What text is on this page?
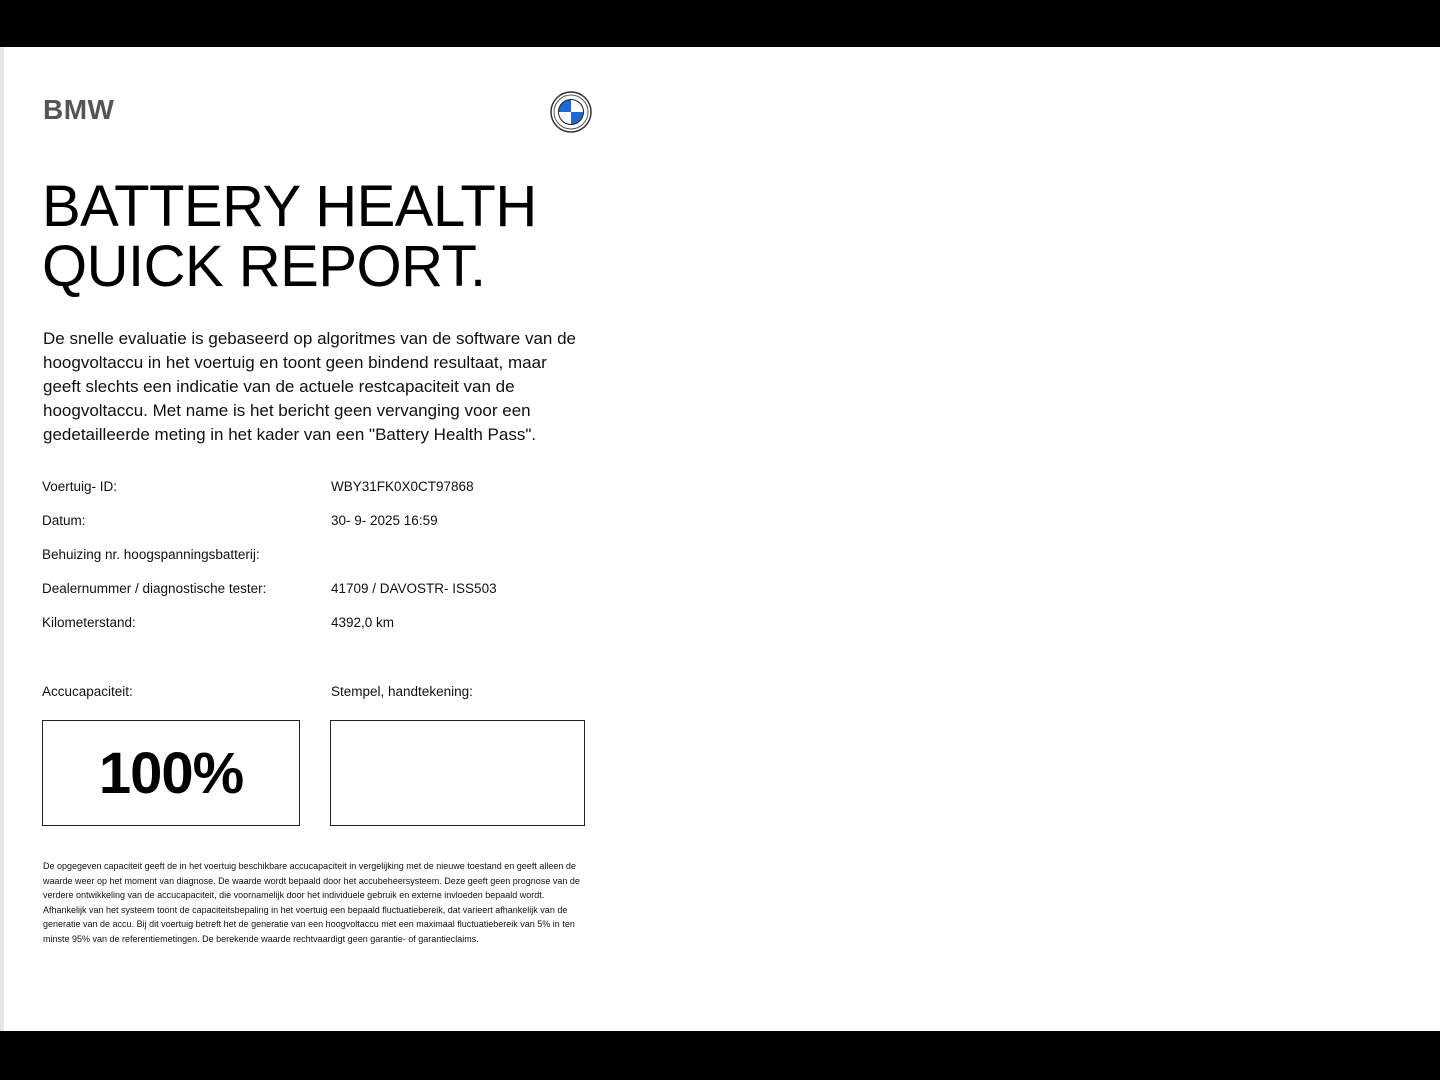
BMW
BATTERY HEALTH
QUICK REPORT.

De snelle evaluatie is gebaseerd op algoritmes van de software van de hoogvoltaccu in het voertuig en toont geen bindend resultaat, maar geeft slechts een indicatie van de actuele restcapaciteit van de hoogvoltaccu. Met name is het bericht geen vervanging voor een gedetailleerde meting in het kader van een "Battery Health Pass".

Voertuig- ID:	WBY31FK0X0CT97868
Datum:	30- 9- 2025 16:59
Behuizing nr. hoogspanningsbatterij:
Dealernummer / diagnostische tester:	41709 / DAVOSTR- ISS503
Kilometerstand:	4392,0 km
Accucapaciteit:	Stempel, handtekening:
100%

De opgegeven capaciteit geeft de in het voertuig beschikbare accucapaciteit in vergelijking met de nieuwe toestand en geeft alleen de waarde weer op het moment van diagnose. De waarde wordt bepaald door het accubeheersysteem. Deze geeft geen prognose van de verdere ontwikkeling van de accucapaciteit, die voornamelijk door het individuele gebruik en externe invloeden bepaald wordt. Afhankelijk van het systeem toont de capaciteitsbepaling in het voertuig een bepaald fluctuatiebereik, dat varieert afhankelijk van de generatie van de accu. Bij dit voertuig betreft het de generatie van een hoogvoltaccu met een maximaal fluctuatiebereik van 5% in ten minste 95% van de referentiemetingen. De berekende waarde rechtvaardigt geen garantie- of garantieclaims.
